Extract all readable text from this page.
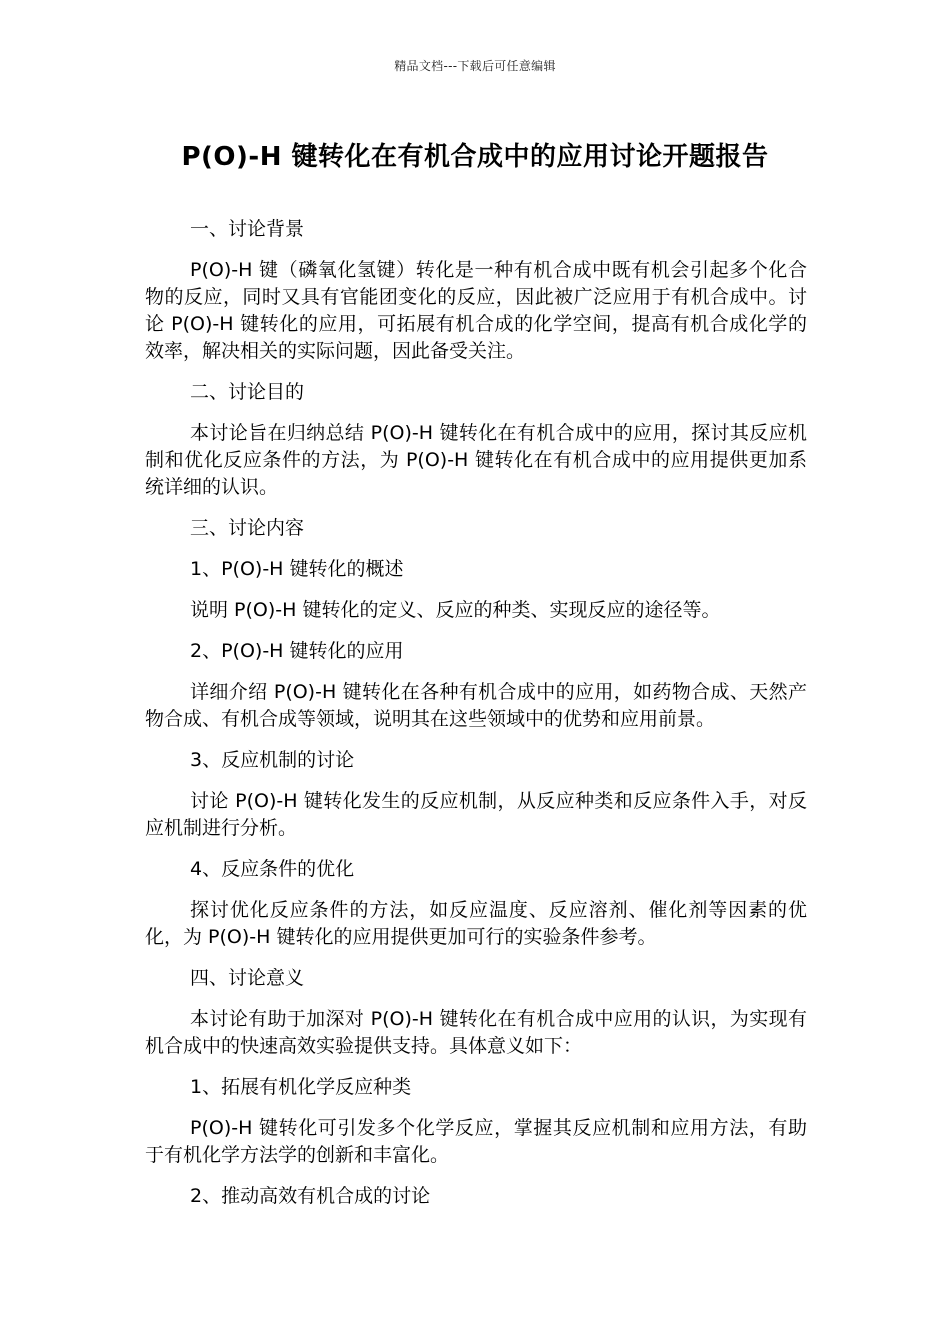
精品文档---下载后可任意编辑
P(O)-H 键转化在有机合成中的应用讨论开题报告

一、讨论背景

P(O)-H 键（磷氧化氢键）转化是一种有机合成中既有机会引起多个化合物的反应，同时又具有官能团变化的反应，因此被广泛应用于有机合成中。讨论 P(O)-H 键转化的应用，可拓展有机合成的化学空间，提高有机合成化学的效率，解决相关的实际问题，因此备受关注。

二、讨论目的

本讨论旨在归纳总结 P(O)-H 键转化在有机合成中的应用，探讨其反应机制和优化反应条件的方法，为 P(O)-H 键转化在有机合成中的应用提供更加系统详细的认识。

三、讨论内容

1、P(O)-H 键转化的概述

说明 P(O)-H 键转化的定义、反应的种类、实现反应的途径等。

2、P(O)-H 键转化的应用

详细介绍 P(O)-H 键转化在各种有机合成中的应用，如药物合成、天然产物合成、有机合成等领域，说明其在这些领域中的优势和应用前景。

3、反应机制的讨论

讨论 P(O)-H 键转化发生的反应机制，从反应种类和反应条件入手，对反应机制进行分析。

4、反应条件的优化

探讨优化反应条件的方法，如反应温度、反应溶剂、催化剂等因素的优化，为 P(O)-H 键转化的应用提供更加可行的实验条件参考。

四、讨论意义

本讨论有助于加深对 P(O)-H 键转化在有机合成中应用的认识，为实现有机合成中的快速高效实验提供支持。具体意义如下：

1、拓展有机化学反应种类

P(O)-H 键转化可引发多个化学反应，掌握其反应机制和应用方法，有助于有机化学方法学的创新和丰富化。

2、推动高效有机合成的讨论
